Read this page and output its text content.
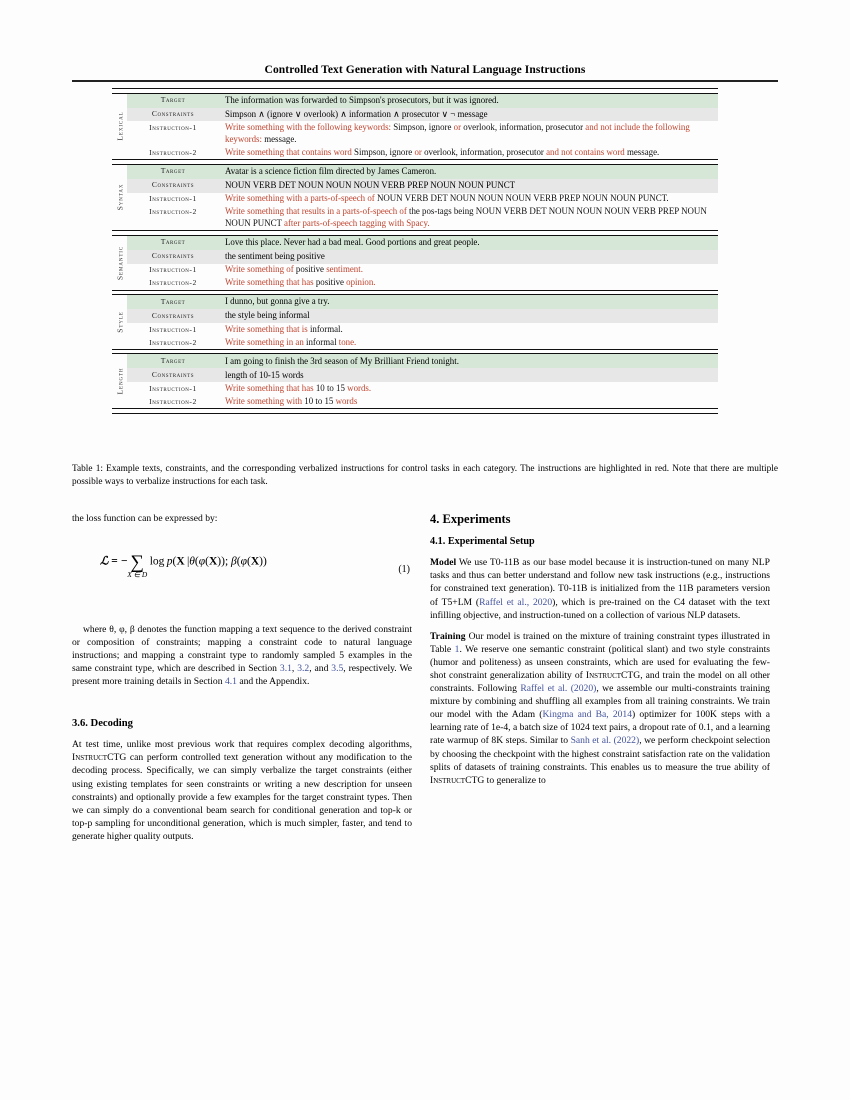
Controlled Text Generation with Natural Language Instructions
Lexical
Target	The information was forwarded to Simpson's prosecutors, but it was ignored.
Constraints	Simpson ∧ (ignore ∨ overlook) ∧ information ∧ prosecutor ∨ ¬ message
Instruction-1	Write something with the following keywords: Simpson, ignore or overlook, information, prosecutor and not include the following keywords: message.
Instruction-2	Write something that contains word Simpson, ignore or overlook, information, prosecutor and not contains word message.
Syntax
Target	Avatar is a science fiction film directed by James Cameron.
Constraints	NOUN VERB DET NOUN NOUN NOUN VERB PREP NOUN NOUN PUNCT
Instruction-1	Write something with a parts-of-speech of NOUN VERB DET NOUN NOUN NOUN VERB PREP NOUN NOUN PUNCT.
Instruction-2	Write something that results in a parts-of-speech of the pos-tags being NOUN VERB DET NOUN NOUN NOUN VERB PREP NOUN NOUN PUNCT after parts-of-speech tagging with Spacy.
Semantic
Target	Love this place. Never had a bad meal. Good portions and great people.
Constraints	the sentiment being positive
Instruction-1	Write something of positive sentiment.
Instruction-2	Write something that has positive opinion.
Style
Target	I dunno, but gonna give a try.
Constraints	the style being informal
Instruction-1	Write something that is informal.
Instruction-2	Write something in an informal tone.
Length
Target	I am going to finish the 3rd season of My Brilliant Friend tonight.
Constraints	length of 10-15 words
Instruction-1	Write something that has 10 to 15 words.
Instruction-2	Write something with 10 to 15 words
Table 1: Example texts, constraints, and the corresponding verbalized instructions for control tasks in each category. The instructions are highlighted in red. Note that there are multiple possible ways to verbalize instructions for each task.

the loss function can be expressed by:

ℒ = − ∑
X ∈ D
log p(X |θ(φ(X)); β(φ(X))
(1)

where θ, φ, β denotes the function mapping a text sequence to the derived constraint or composition of constraints; mapping a constraint code to natural language instructions; and mapping a constraint type to randomly sampled 5 examples in the same constraint type, which are described in Section 3.1, 3.2, and 3.5, respectively. We present more training details in Section 4.1 and the Appendix.

3.6. Decoding

At test time, unlike most previous work that requires complex decoding algorithms, InstructCTG can perform controlled text generation without any modification to the decoding process. Specifically, we can simply verbalize the target constraints (either using existing templates for seen constraints or writing a new description for unseen constraints) and optionally provide a few examples for the target constraint types. Then we can simply do a conventional beam search for conditional generation and top-k or top-p sampling for unconditional generation, which is much simpler, faster, and tend to generate higher quality outputs.

4. Experiments
4.1. Experimental Setup

Model We use T0-11B as our base model because it is instruction-tuned on many NLP tasks and thus can better understand and follow new task instructions (e.g., instructions for constrained text generation). T0-11B is initialized from the 11B parameters version of T5+LM (Raffel et al., 2020), which is pre-trained on the C4 dataset with the text infilling objective, and instruction-tuned on a collection of various NLP datasets.

Training Our model is trained on the mixture of training constraint types illustrated in Table 1. We reserve one semantic constraint (political slant) and two style constraints (humor and politeness) as unseen constraints, which are used for evaluating the few-shot constraint generalization ability of InstructCTG, and train the model on all other constraints. Following Raffel et al. (2020), we assemble our multi-constraints training mixture by combining and shuffling all examples from all training constraints. We train our model with the Adam (Kingma and Ba, 2014) optimizer for 100K steps with a learning rate of 1e-4, a batch size of 1024 text pairs, a dropout rate of 0.1, and a learning rate warmup of 8K steps. Similar to Sanh et al. (2022), we perform checkpoint selection by choosing the checkpoint with the highest constraint satisfaction rate on the validation splits of datasets of training constraints. This enables us to measure the true ability of InstructCTG to generalize to
